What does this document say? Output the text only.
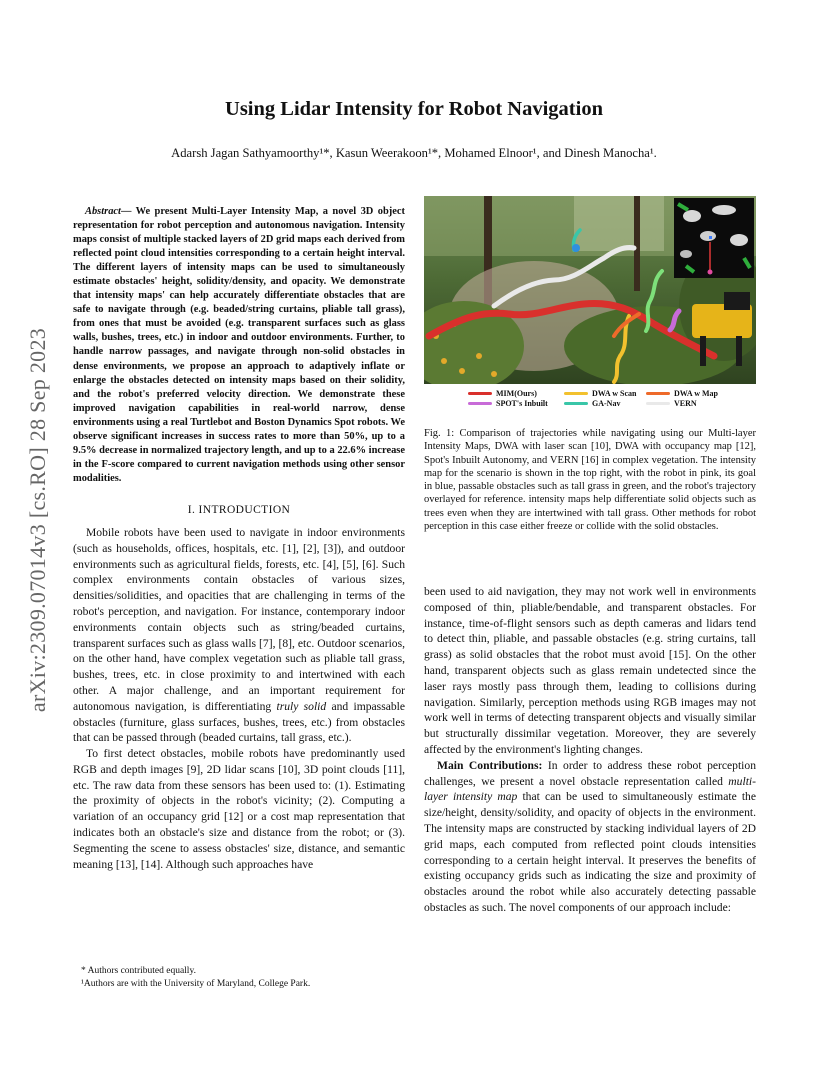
arXiv:2309.07014v3 [cs.RO] 28 Sep 2023
Using Lidar Intensity for Robot Navigation
Adarsh Jagan Sathyamoorthy¹*, Kasun Weerakoon¹*, Mohamed Elnoor¹, and Dinesh Manocha¹.

Abstract— We present Multi-Layer Intensity Map, a novel 3D object representation for robot perception and autonomous navigation. Intensity maps consist of multiple stacked layers of 2D grid maps each derived from reflected point cloud intensities corresponding to a certain height interval. The different layers of intensity maps can be used to simultaneously estimate obstacles' height, solidity/density, and opacity. We demonstrate that intensity maps' can help accurately differentiate obstacles that are safe to navigate through (e.g. beaded/string curtains, pliable tall grass), from ones that must be avoided (e.g. transparent surfaces such as glass walls, bushes, trees, etc.) in indoor and outdoor environments. Further, to handle narrow passages, and navigate through non-solid obstacles in dense environments, we propose an approach to adaptively inflate or enlarge the obstacles detected on intensity maps based on their solidity, and the robot's preferred velocity direction. We demonstrate these improved navigation capabilities in real-world narrow, dense environments using a real Turtlebot and Boston Dynamics Spot robots. We observe significant increases in success rates to more than 50%, up to a 9.5% decrease in normalized trajectory length, and up to a 22.6% increase in the F-score compared to current navigation methods using other sensor modalities.

I. INTRODUCTION

Mobile robots have been used to navigate in indoor environments (such as households, offices, hospitals, etc. [1], [2], [3]), and outdoor environments such as agricultural fields, forests, etc. [4], [5], [6]. Such complex environments contain obstacles of various sizes, densities/solidities, and opacities that are challenging in terms of the robot's perception, and navigation. For instance, contemporary indoor environments contain objects such as string/beaded curtains, transparent surfaces such as glass walls [7], [8], etc. Outdoor scenarios, on the other hand, have complex vegetation such as pliable tall grass, bushes, trees, etc. in close proximity to and intertwined with each other. A major challenge, and an important requirement for autonomous navigation, is differentiating truly solid and impassable obstacles (furniture, glass surfaces, bushes, trees, etc.) from obstacles that can be passed through (beaded curtains, tall grass, etc.).

To first detect obstacles, mobile robots have predominantly used RGB and depth images [9], 2D lidar scans [10], 3D point clouds [11], etc. The raw data from these sensors has been used to: (1). Estimating the proximity of objects in the robot's vicinity; (2). Computing a variation of an occupancy grid [12] or a cost map representation that indicates both an obstacle's size and distance from the robot; or (3). Segmenting the scene to assess obstacles' size, distance, and semantic meaning [13], [14]. Although such approaches have

* Authors contributed equally.

¹Authors are with the University of Maryland, College Park.

MIM(Ours)	DWA w Scan	DWA w Map
SPOT's Inbuilt	GA-Nav	VERN

Fig. 1: Comparison of trajectories while navigating using our Multi-layer Intensity Maps, DWA with laser scan [10], DWA with occupancy map [12], Spot's Inbuilt Autonomy, and VERN [16] in complex vegetation. The intensity map for the scenario is shown in the top right, with the robot in pink, its goal in blue, passable obstacles such as tall grass in green, and the robot's trajectory overlayed for reference. intensity maps help differentiate solid objects such as trees even when they are intertwined with tall grass. Other methods for robot perception in this case either freeze or collide with the solid obstacles.

been used to aid navigation, they may not work well in environments composed of thin, pliable/bendable, and transparent obstacles. For instance, time-of-flight sensors such as depth cameras and lidars tend to detect thin, pliable, and passable obstacles (e.g. string curtains, tall grass) as solid obstacles that the robot must avoid [15]. On the other hand, transparent objects such as glass remain undetected since the laser rays mostly pass through them, leading to collisions during navigation. Similarly, perception methods using RGB images may not work well in terms of detecting transparent objects and visually similar but structurally dissimilar vegetation. Moreover, they are severely affected by the environment's lighting changes.

Main Contributions: In order to address these robot perception challenges, we present a novel obstacle representation called multi-layer intensity map that can be used to simultaneously estimate the size/height, density/solidity, and opacity of objects in the environment. The intensity maps are constructed by stacking individual layers of 2D grid maps, each computed from reflected point clouds intensities corresponding to a certain height interval. It preserves the benefits of existing occupancy grids such as indicating the size and proximity of obstacles around the robot while also accurately detecting passable obstacles as such. The novel components of our approach include:
